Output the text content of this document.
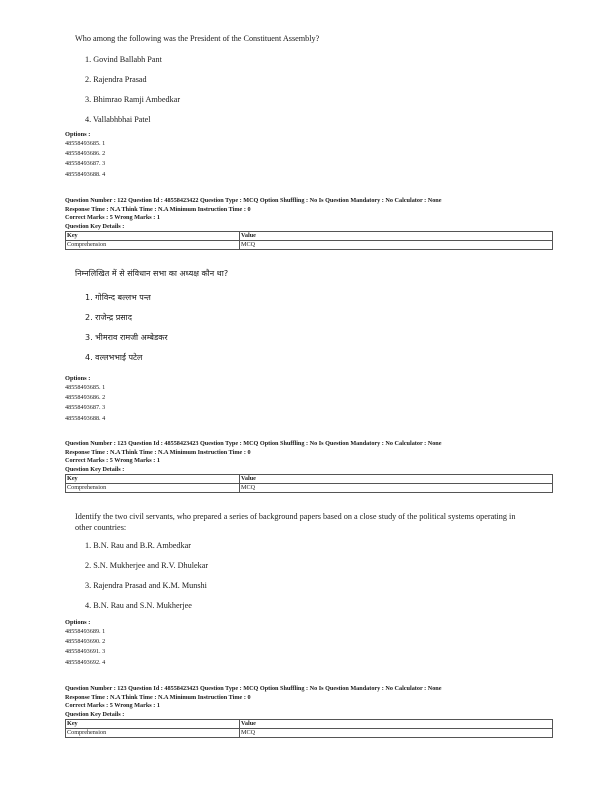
Who among the following was the President of the Constituent Assembly?

1. Govind Ballabh Pant
2. Rajendra Prasad
3. Bhimrao Ramji Ambedkar
4. Vallabhbhai Patel
Options :
48558493685. 1
48558493686. 2
48558493687. 3
48558493688. 4
Question Number : 122 Question Id : 48558423422 Question Type : MCQ Option Shuffling : No Is Question Mandatory : No Calculator : None
Response Time : N.A Think Time : N.A Minimum Instruction Time : 0
Correct Marks : 5 Wrong Marks : 1
Question Key Details :
Key	Value
Comprehension	MCQ

निम्नलिखित में से संविधान सभा का अध्यक्ष कौन था?

1. गोविन्द बल्लभ पन्त
2. राजेन्द्र प्रसाद
3. भीमराव रामजी अम्बेडकर
4. वल्लभभाई पटेल
Options :
48558493685. 1
48558493686. 2
48558493687. 3
48558493688. 4
Question Number : 123 Question Id : 48558423423 Question Type : MCQ Option Shuffling : No Is Question Mandatory : No Calculator : None
Response Time : N.A Think Time : N.A Minimum Instruction Time : 0
Correct Marks : 5 Wrong Marks : 1
Question Key Details :
Key	Value
Comprehension	MCQ

Identify the two civil servants, who prepared a series of background papers based on a close study of the political systems operating in

other countries:

1. B.N. Rau and B.R. Ambedkar
2. S.N. Mukherjee and R.V. Dhulekar
3. Rajendra Prasad and K.M. Munshi
4. B.N. Rau and S.N. Mukherjee
Options :
48558493689. 1
48558493690. 2
48558493691. 3
48558493692. 4
Question Number : 123 Question Id : 48558423423 Question Type : MCQ Option Shuffling : No Is Question Mandatory : No Calculator : None
Response Time : N.A Think Time : N.A Minimum Instruction Time : 0
Correct Marks : 5 Wrong Marks : 1
Question Key Details :
Key	Value
Comprehension	MCQ
